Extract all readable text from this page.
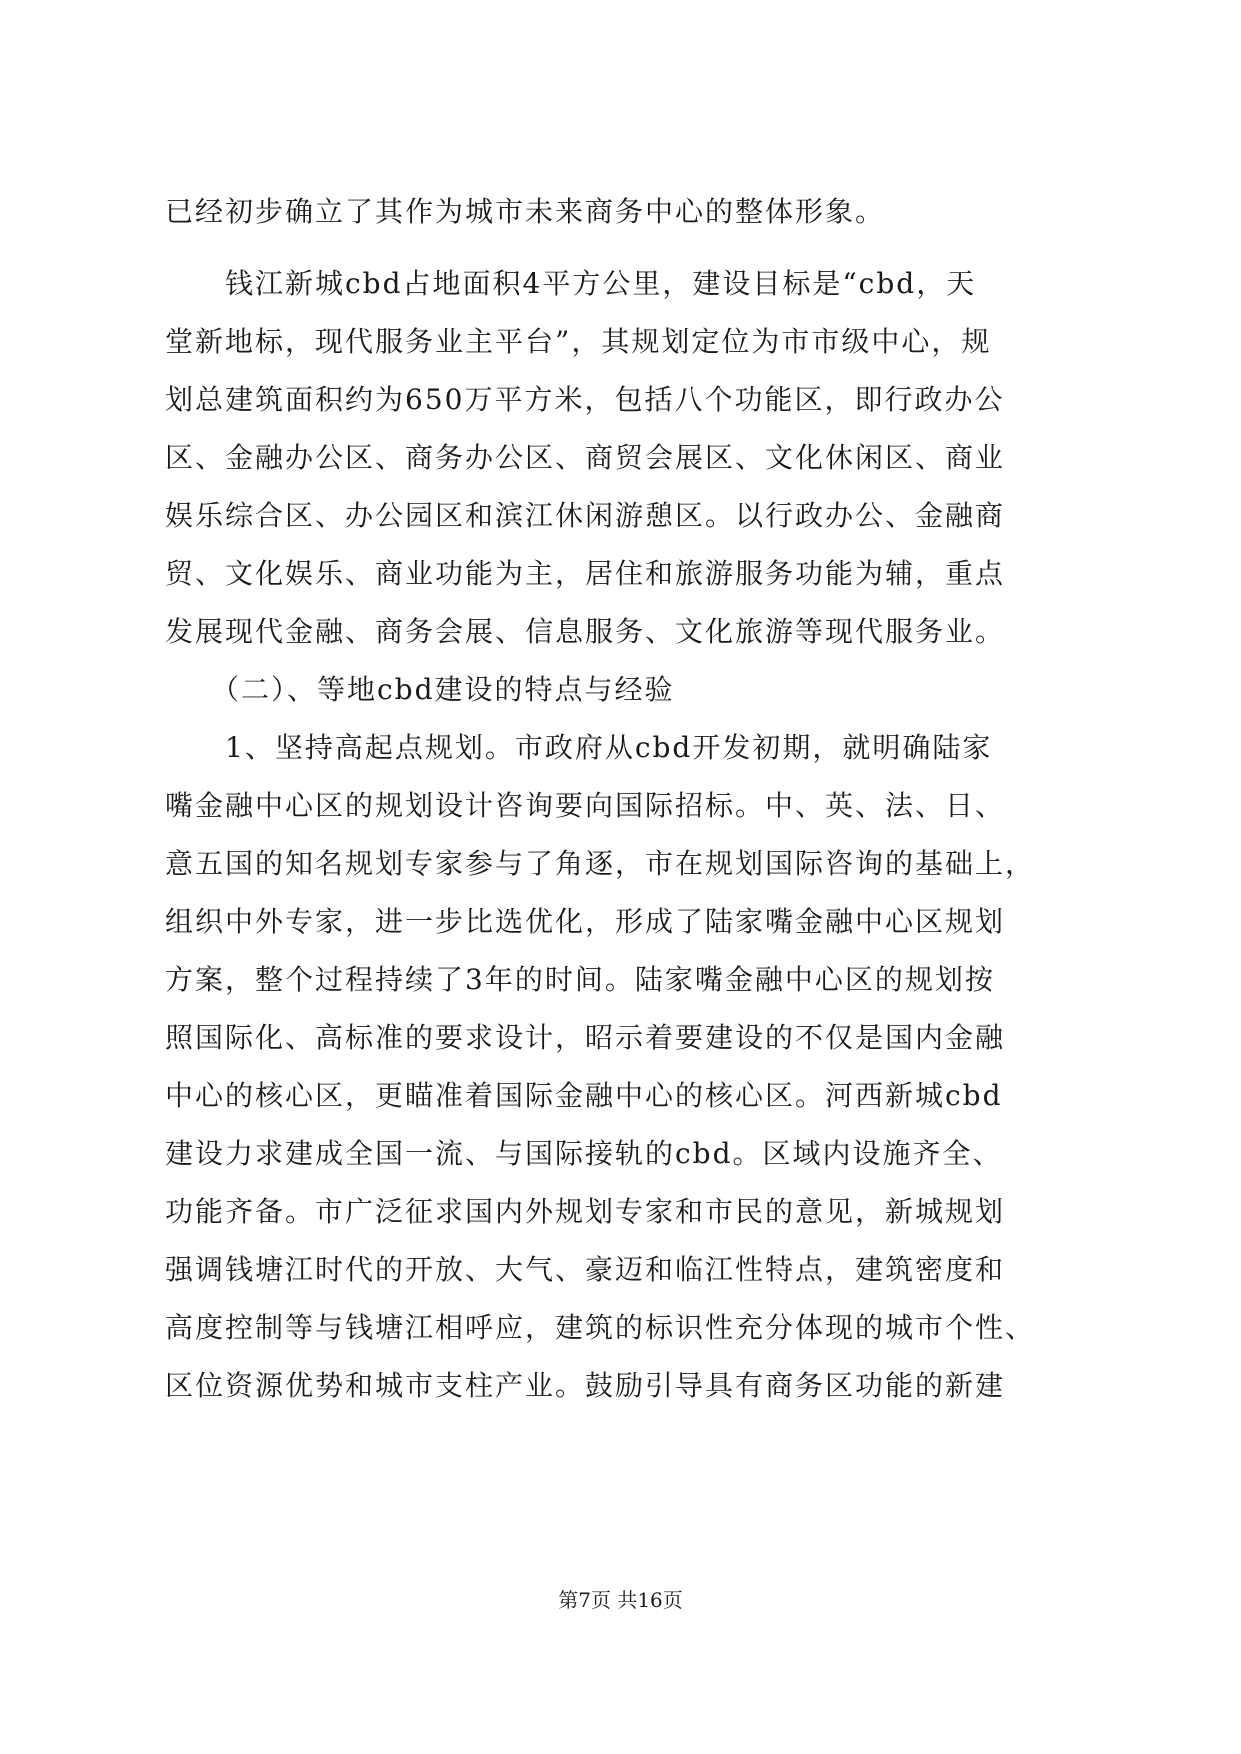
已经初步确立了其作为城市未来商务中心的整体形象。
　　钱江新城cbd占地面积4平方公里，建设目标是“cbd，天
堂新地标，现代服务业主平台”，其规划定位为市市级中心，规
划总建筑面积约为650万平方米，包括八个功能区，即行政办公
区、金融办公区、商务办公区、商贸会展区、文化休闲区、商业
娱乐综合区、办公园区和滨江休闲游憩区。以行政办公、金融商
贸、文化娱乐、商业功能为主，居住和旅游服务功能为辅，重点
发展现代金融、商务会展、信息服务、文化旅游等现代服务业。
　　（二）、等地cbd建设的特点与经验
　　1、坚持高起点规划。市政府从cbd开发初期，就明确陆家
嘴金融中心区的规划设计咨询要向国际招标。中、英、法、日、
意五国的知名规划专家参与了角逐，市在规划国际咨询的基础上，
组织中外专家，进一步比选优化，形成了陆家嘴金融中心区规划
方案，整个过程持续了3年的时间。陆家嘴金融中心区的规划按
照国际化、高标准的要求设计，昭示着要建设的不仅是国内金融
中心的核心区，更瞄准着国际金融中心的核心区。河西新城cbd
建设力求建成全国一流、与国际接轨的cbd。区域内设施齐全、
功能齐备。市广泛征求国内外规划专家和市民的意见，新城规划
强调钱塘江时代的开放、大气、豪迈和临江性特点，建筑密度和
高度控制等与钱塘江相呼应，建筑的标识性充分体现的城市个性、
区位资源优势和城市支柱产业。鼓励引导具有商务区功能的新建
第7页 共16页
